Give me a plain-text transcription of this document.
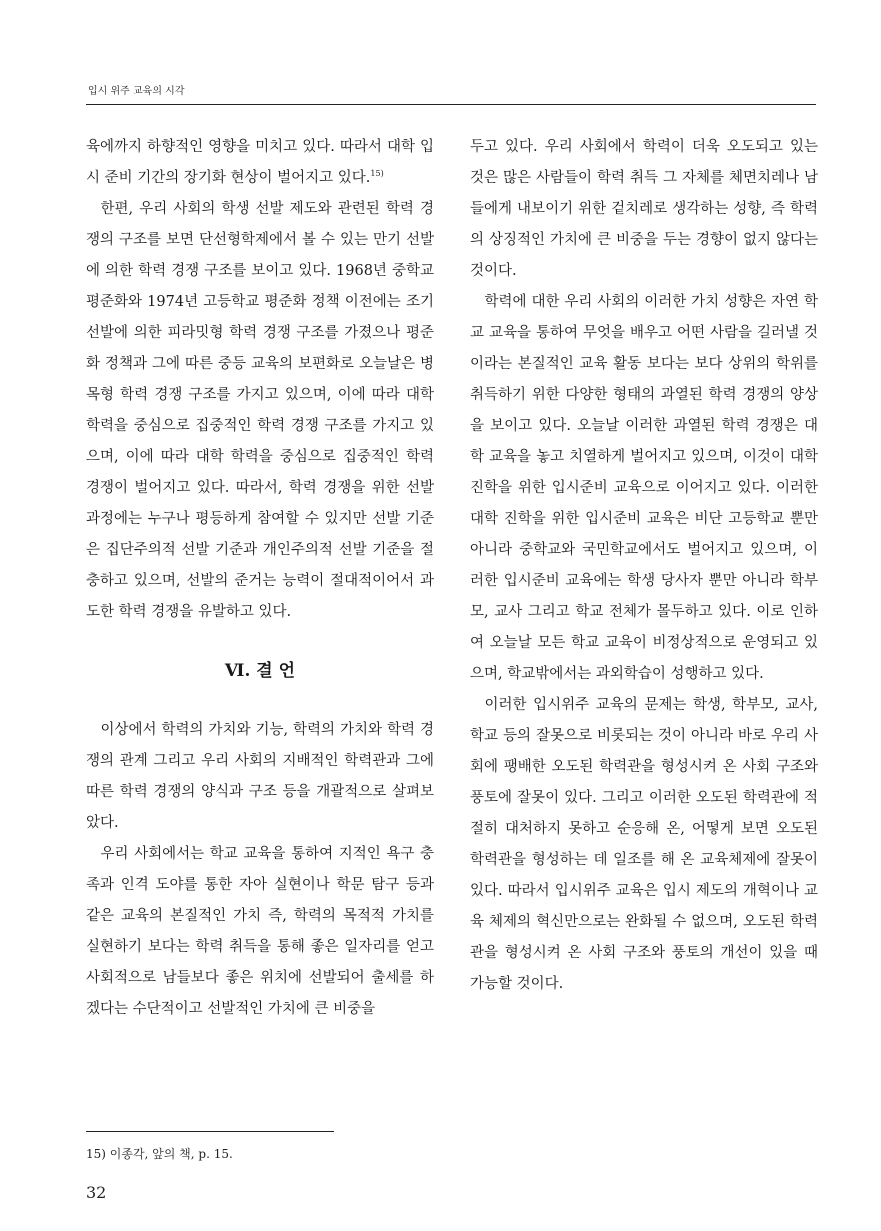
입시 위주 교육의 시각

육에까지 하향적인 영향을 미치고 있다. 따라서 대학 입시 준비 기간의 장기화 현상이 벌어지고 있다.$^{15)}$

한편, 우리 사회의 학생 선발 제도와 관련된 학력 경쟁의 구조를 보면 단선형학제에서 볼 수 있는 만기 선발에 의한 학력 경쟁 구조를 보이고 있다. 1968년 중학교 평준화와 1974년 고등학교 평준화 정책 이전에는 조기 선발에 의한 피라밋형 학력 경쟁 구조를 가졌으나 평준화 정책과 그에 따른 중등 교육의 보편화로 오늘날은 병목형 학력 경쟁 구조를 가지고 있으며, 이에 따라 대학 학력을 중심으로 집중적인 학력 경쟁 구조를 가지고 있으며, 이에 따라 대학 학력을 중심으로 집중적인 학력 경쟁이 벌어지고 있다. 따라서, 학력 경쟁을 위한 선발 과정에는 누구나 평등하게 참여할 수 있지만 선발 기준은 집단주의적 선발 기준과 개인주의적 선발 기준을 절충하고 있으며, 선발의 준거는 능력이 절대적이어서 과도한 학력 경쟁을 유발하고 있다.

Ⅵ. 결 언

이상에서 학력의 가치와 기능, 학력의 가치와 학력 경쟁의 관계 그리고 우리 사회의 지배적인 학력관과 그에 따른 학력 경쟁의 양식과 구조 등을 개괄적으로 살펴보았다.

우리 사회에서는 학교 교육을 통하여 지적인 욕구 충족과 인격 도야를 통한 자아 실현이나 학문 탐구 등과 같은 교육의 본질적인 가치 즉, 학력의 목적적 가치를 실현하기 보다는 학력 취득을 통해 좋은 일자리를 얻고 사회적으로 남들보다 좋은 위치에 선발되어 출세를 하겠다는 수단적이고 선발적인 가치에 큰 비중을

두고 있다. 우리 사회에서 학력이 더욱 오도되고 있는 것은 많은 사람들이 학력 취득 그 자체를 체면치레나 남들에게 내보이기 위한 겉치레로 생각하는 성향, 즉 학력의 상징적인 가치에 큰 비중을 두는 경향이 없지 않다는 것이다.

학력에 대한 우리 사회의 이러한 가치 성향은 자연 학교 교육을 통하여 무엇을 배우고 어떤 사람을 길러낼 것이라는 본질적인 교육 활동 보다는 보다 상위의 학위를 취득하기 위한 다양한 형태의 과열된 학력 경쟁의 양상을 보이고 있다. 오늘날 이러한 과열된 학력 경쟁은 대학 교육을 놓고 치열하게 벌어지고 있으며, 이것이 대학 진학을 위한 입시준비 교육으로 이어지고 있다. 이러한 대학 진학을 위한 입시준비 교육은 비단 고등학교 뿐만 아니라 중학교와 국민학교에서도 벌어지고 있으며, 이러한 입시준비 교육에는 학생 당사자 뿐만 아니라 학부모, 교사 그리고 학교 전체가 몰두하고 있다. 이로 인하여 오늘날 모든 학교 교육이 비정상적으로 운영되고 있으며, 학교밖에서는 과외학습이 성행하고 있다.

이러한 입시위주 교육의 문제는 학생, 학부모, 교사, 학교 등의 잘못으로 비롯되는 것이 아니라 바로 우리 사회에 팽배한 오도된 학력관을 형성시켜 온 사회 구조와 풍토에 잘못이 있다. 그리고 이러한 오도된 학력관에 적절히 대처하지 못하고 순응해 온, 어떻게 보면 오도된 학력관을 형성하는 데 일조를 해 온 교육체제에 잘못이 있다. 따라서 입시위주 교육은 입시 제도의 개혁이나 교육 체제의 혁신만으로는 완화될 수 없으며, 오도된 학력관을 형성시켜 온 사회 구조와 풍토의 개선이 있을 때 가능할 것이다.

15) 이종각, 앞의 책, p. 15.
32
